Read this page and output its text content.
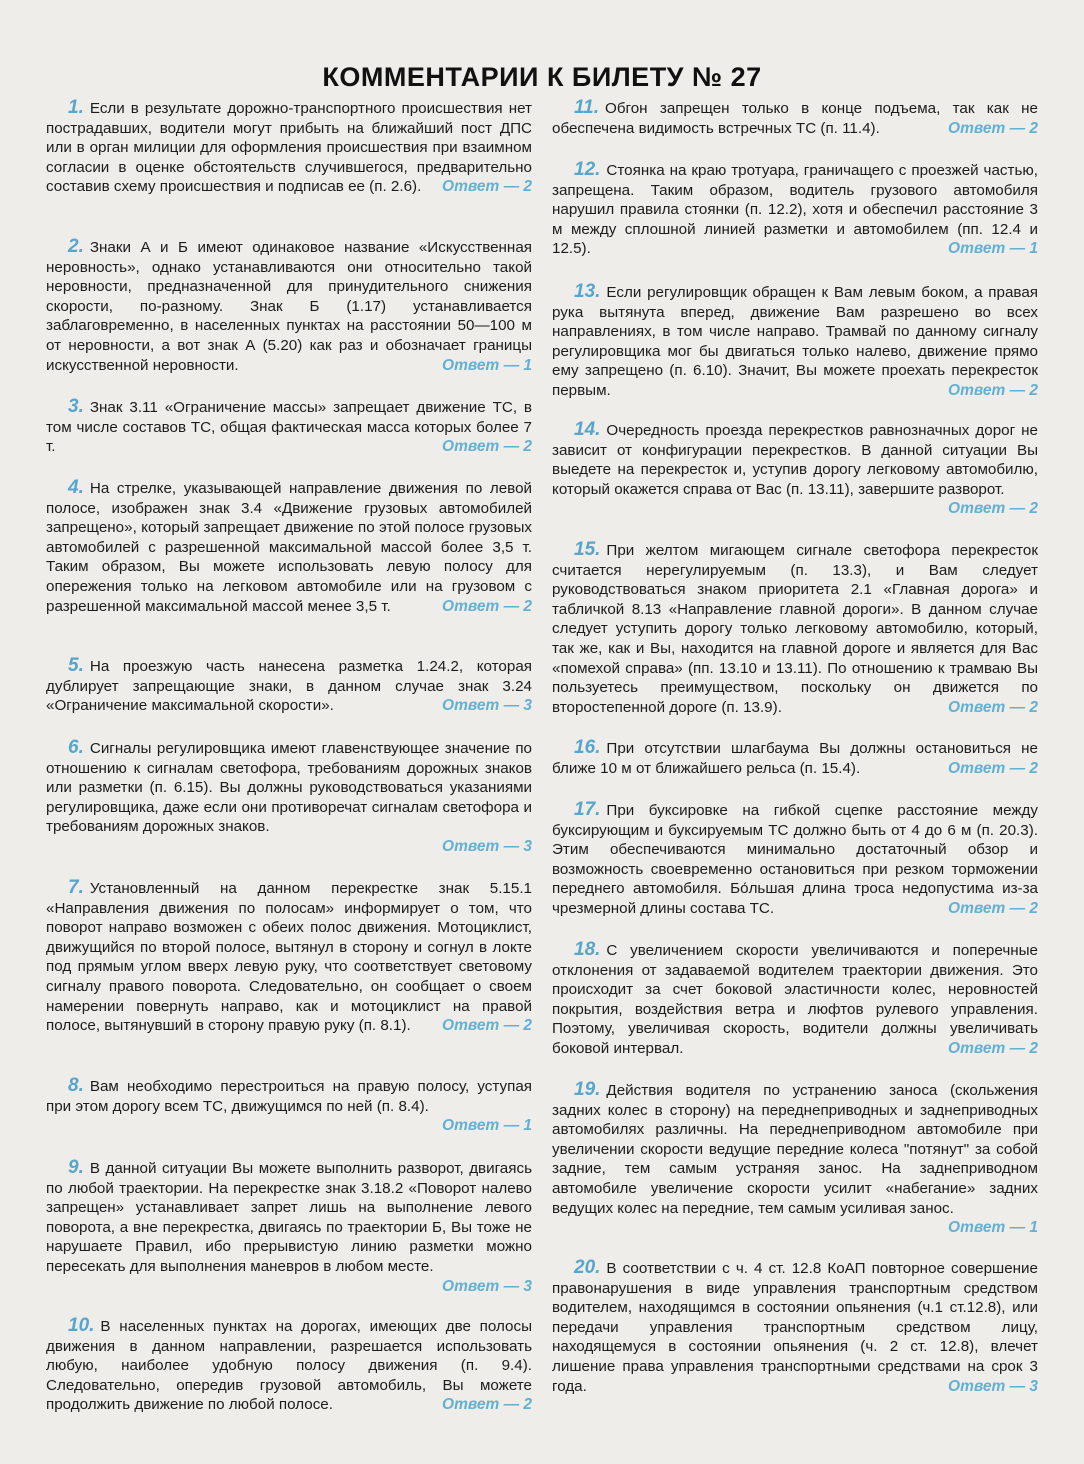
КОММЕНТАРИИ К БИЛЕТУ № 27

1. Если в результате дорожно-транспортного происшествия нет пострадавших, водители могут прибыть на ближайший пост ДПС или в орган милиции для оформления происшествия при взаимном согласии в оценке обстоятельств случившегося, предварительно составив схему происшествия и подписав ее (п. 2.6). Ответ — 2

2. Знаки А и Б имеют одинаковое название «Искусственная неровность», однако устанавливаются они относительно такой неровности, предназначенной для принудительного снижения скорости, по-разному. Знак Б (1.17) устанавливается заблаговременно, в населенных пунктах на расстоянии 50—100 м от неровности, а вот знак А (5.20) как раз и обозначает границы искусственной неровности.	Ответ — 1

3. Знак 3.11 «Ограничение массы» запрещает движение ТС, в том числе составов ТС, общая фактическая масса которых более 7 т.	Ответ — 2

4. На стрелке, указывающей направление движения по левой полосе, изображен знак 3.4 «Движение грузовых автомобилей запрещено», который запрещает движение по этой полосе грузовых автомобилей с разрешенной максимальной массой более 3,5 т. Таким образом, Вы можете использовать левую полосу для опережения только на легковом автомобиле или на грузовом с разрешенной максимальной массой менее 3,5 т.	Ответ — 2

5. На проезжую часть нанесена разметка 1.24.2, которая дублирует запрещающие знаки, в данном случае знак 3.24 «Ограничение максимальной скорости».	Ответ — 3

6. Сигналы регулировщика имеют главенствующее значение по отношению к сигналам светофора, требованиям дорожных знаков или разметки (п. 6.15). Вы должны руководствоваться указаниями регулировщика, даже если они противоречат сигналам светофора и требованиям дорожных знаков.
Ответ — 3

7. Установленный на данном перекрестке знак 5.15.1 «Направления движения по полосам» информирует о том, что поворот направо возможен с обеих полос движения. Мотоциклист, движущийся по второй полосе, вытянул в сторону и согнул в локте под прямым углом вверх левую руку, что соответствует световому сигналу правого поворота. Следовательно, он сообщает о своем намерении повернуть направо, как и мотоциклист на правой полосе, вытянувший в сторону правую руку (п. 8.1). Ответ — 2

8. Вам необходимо перестроиться на правую полосу, уступая при этом дорогу всем ТС, движущимся по ней (п. 8.4).
Ответ — 1

9. В данной ситуации Вы можете выполнить разворот, двигаясь по любой траектории. На перекрестке знак 3.18.2 «Поворот налево запрещен» устанавливает запрет лишь на выполнение левого поворота, а вне перекрестка, двигаясь по траектории Б, Вы тоже не нарушаете Правил, ибо прерывистую линию разметки можно пересекать для выполнения маневров в любом месте.
Ответ — 3

10. В населенных пунктах на дорогах, имеющих две полосы движения в данном направлении, разрешается использовать любую, наиболее удобную полосу движения (п. 9.4). Следовательно, опередив грузовой автомобиль, Вы можете продолжить движение по любой полосе.	Ответ — 2

11. Обгон запрещен только в конце подъема, так как не обеспечена видимость встречных ТС (п. 11.4).	Ответ — 2

12. Стоянка на краю тротуара, граничащего с проезжей частью, запрещена. Таким образом, водитель грузового автомобиля нарушил правила стоянки (п. 12.2), хотя и обеспечил расстояние 3 м между сплошной линией разметки и автомобилем (пп. 12.4 и 12.5).	Ответ — 1

13. Если регулировщик обращен к Вам левым боком, а правая рука вытянута вперед, движение Вам разрешено во всех направлениях, в том числе направо. Трамвай по данному сигналу регулировщика мог бы двигаться только налево, движение прямо ему запрещено (п. 6.10). Значит, Вы можете проехать перекресток первым.	Ответ — 2

14. Очередность проезда перекрестков равнозначных дорог не зависит от конфигурации перекрестков. В данной ситуации Вы выедете на перекресток и, уступив дорогу легковому автомобилю, который окажется справа от Вас (п. 13.11), завершите разворот.
Ответ — 2

15. При желтом мигающем сигнале светофора перекресток считается нерегулируемым (п. 13.3), и Вам следует руководствоваться знаком приоритета 2.1 «Главная дорога» и табличкой 8.13 «Направление главной дороги». В данном случае следует уступить дорогу только легковому автомобилю, который, так же, как и Вы, находится на главной дороге и является для Вас «помехой справа» (пп. 13.10 и 13.11). По отношению к трамваю Вы пользуетесь преимуществом, поскольку он движется по второстепенной дороге (п. 13.9).	Ответ — 2

16. При отсутствии шлагбаума Вы должны остановиться не ближе 10 м от ближайшего рельса (п. 15.4).	Ответ — 2

17. При буксировке на гибкой сцепке расстояние между буксирующим и буксируемым ТС должно быть от 4 до 6 м (п. 20.3). Этим обеспечиваются минимально достаточный обзор и возможность своевременно остановиться при резком торможении переднего автомобиля. Бо́льшая длина троса недопустима из-за чрезмерной длины состава ТС.	Ответ — 2

18. С увеличением скорости увеличиваются и поперечные отклонения от задаваемой водителем траектории движения. Это происходит за счет боковой эластичности колес, неровностей покрытия, воздействия ветра и люфтов рулевого управления. Поэтому, увеличивая скорость, водители должны увеличивать боковой интервал.	Ответ — 2

19. Действия водителя по устранению заноса (скольжения задних колес в сторону) на переднеприводных и заднеприводных автомобилях различны. На переднеприводном автомобиле при увеличении скорости ведущие передние колеса "потянут" за собой задние, тем самым устраняя занос. На заднеприводном автомобиле увеличение скорости усилит «набегание» задних ведущих колес на передние, тем самым усиливая занос.
Ответ — 1

20. В соответствии с ч. 4 ст. 12.8 КоАП повторное совершение правонарушения в виде управления транспортным средством водителем, находящимся в состоянии опьянения (ч.1 ст.12.8), или передачи управления транспортным средством лицу, находящемуся в состоянии опьянения (ч. 2 ст. 12.8), влечет лишение права управления транспортными средствами на срок 3 года.	Ответ — 3
